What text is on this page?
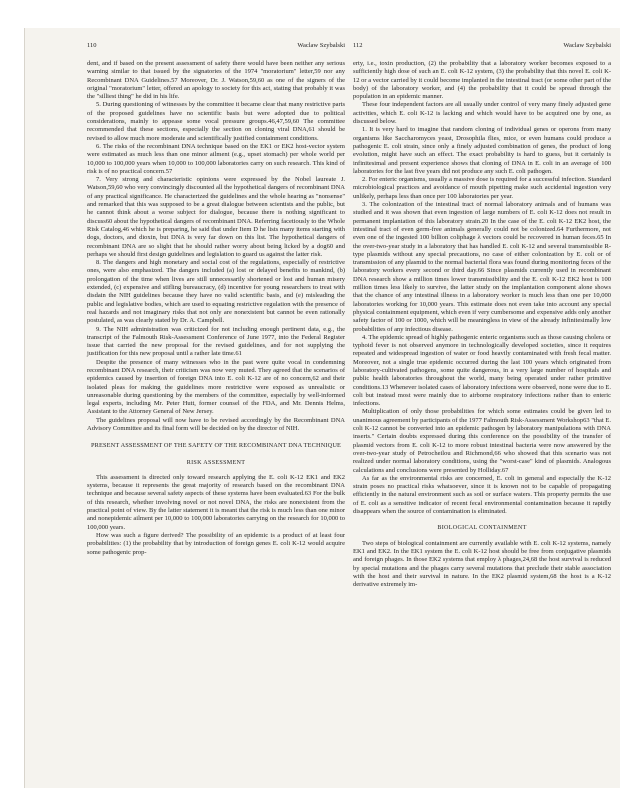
110	Waclaw Szybalski

dent, and if based on the present assessment of safety there would have been neither any serious warning similar to that issued by the signatories of the 1974 "moratorium" letter,59 nor any Recombinant DNA Guidelines.57 Moreover, Dr. J. Watson,59,60 as one of the signers of the original "moratorium" letter, offered an apology to society for this act, stating that probably it was the "silliest thing" he did in his life.

5. During questioning of witnesses by the committee it became clear that many restrictive parts of the proposed guidelines have no scientific basis but were adopted due to political considerations, mainly to appease some vocal pressure groups.46,47,59,60 The committee recommended that these sections, especially the section on cloning viral DNA,61 should be revised to allow much more moderate and scientifically justified containment conditions.

6. The risks of the recombinant DNA technique based on the EK1 or EK2 host-vector system were estimated as much less than one minor ailment (e.g., upset stomach) per whole world per 10,000 to 100,000 years when 10,000 to 100,000 laboratories carry on such research. This kind of risk is of no practical concern.57

7. Very strong and characteristic opinions were expressed by the Nobel laureate J. Watson,59,60 who very convincingly discounted all the hypothetical dangers of recombinant DNA of any practical significance. He characterized the guidelines and the whole hearing as "nonsense" and remarked that this was supposed to be a great dialogue between scientists and the public, but he cannot think about a worse subject for dialogue, because there is nothing significant to discuss60 about the hypothetical dangers of recombinant DNA. Referring facetiously to the Whole Risk Catalog,46 which he is preparing, he said that under Item D he lists many items starting with dogs, doctors, and dioxin, but DNA is very far down on this list. The hypothetical dangers of recombinant DNA are so slight that he should rather worry about being licked by a dog60 and perhaps we should first design guidelines and legislation to guard us against the latter risk.

8. The dangers and high monetary and social cost of the regulations, especially of restrictive ones, were also emphasized. The dangers included (a) lost or delayed benefits to mankind, (b) prolongation of the time when lives are still unnecessarily shortened or lost and human misery extended, (c) expensive and stifling bureaucracy, (d) incentive for young researchers to treat with disdain the NIH guidelines because they have no valid scientific basis, and (e) misleading the public and legislative bodies, which are used to equating restrictive regulation with the presence of real hazards and not imaginary risks that not only are nonexistent but cannot be even rationally postulated, as was clearly stated by Dr. A. Campbell.

9. The NIH administration was criticized for not including enough pertinent data, e.g., the transcript of the Falmouth Risk-Assessment Conference of June 1977, into the Federal Register issue that carried the new proposal for the revised guidelines, and for not supplying the justification for this new proposal until a rather late time.61

Despite the presence of many witnesses who in the past were quite vocal in condemning recombinant DNA research, their criticism was now very muted. They agreed that the scenarios of epidemics caused by insertion of foreign DNA into E. coli K-12 are of no concern,62 and their isolated pleas for making the guidelines more restrictive were exposed as unrealistic or unreasonable during questioning by the members of the committee, especially by well-informed legal experts, including Mr. Peter Hutt, former counsel of the FDA, and Mr. Dennis Helms, Assistant to the Attorney General of New Jersey.

The guidelines proposal will now have to be revised accordingly by the Recombinant DNA Advisory Committee and its final form will be decided on by the director of NIH.

PRESENT ASSESSMENT OF THE SAFETY OF THE RECOMBINANT DNA TECHNIQUE
RISK ASSESSMENT

This assessment is directed only toward research applying the E. coli K-12 EK1 and EK2 systems, because it represents the great majority of research based on the recombinant DNA technique and because several safety aspects of these systems have been evaluated.63 For the bulk of this research, whether involving novel or not novel DNA, the risks are nonexistent from the practical point of view. By the latter statement it is meant that the risk is much less than one minor and nonepidemic ailment per 10,000 to 100,000 laboratories carrying on the research for 10,000 to 100,000 years.

How was such a figure derived? The possibility of an epidemic is a product of at least four probabilities: (1) the probability that by introduction of foreign genes E. coli K-12 would acquire some pathogenic prop-

112	Waclaw Szybalski

erty, i.e., toxin production, (2) the probability that a laboratory worker becomes exposed to a sufficiently high dose of such an E. coli K-12 system, (3) the probability that this novel E. coli K-12 or a vector carried by it could become implanted in the intestinal tract (or some other part of the body) of the laboratory worker, and (4) the probability that it could be spread through the population in an epidemic manner.

These four independent factors are all usually under control of very many finely adjusted gene activities, which E. coli K-12 is lacking and which would have to be acquired one by one, as discussed below.

1. It is very hard to imagine that random cloning of individual genes or operons from many organisms like Saccharomyces yeast, Drosophila flies, mice, or even humans could produce a pathogenic E. coli strain, since only a finely adjusted combination of genes, the product of long evolution, might have such an effect. The exact probability is hard to guess, but it certainly is infinitesimal and present experience shows that cloning of DNA in E. coli in an average of 100 laboratories for the last five years did not produce any such E. coli pathogen.

2. For enteric organisms, usually a massive dose is required for a successful infection. Standard microbiological practices and avoidance of mouth pipetting make such accidental ingestion very unlikely, perhaps less than once per 100 laboratories per year.

3. The colonization of the intestinal tract of normal laboratory animals and of humans was studied and it was shown that even ingestion of large numbers of E. coli K-12 does not result in permanent implantation of this laboratory strain.20 In the case of the E. coli K-12 EK2 host, the intestinal tract of even germ-free animals generally could not be colonized.64 Furthermore, not even one of the ingested 100 billion coliphage λ vectors could be recovered in human feces.65 In the over-two-year study in a laboratory that has handled E. coli K-12 and several transmissible R-type plasmids without any special precautions, no case of either colonization by E. coli or of transmission of any plasmid to the normal bacterial flora was found during monitoring feces of the laboratory workers every second or third day.66 Since plasmids currently used in recombinant DNA research show a million times lower transmissibility and the E. coli K-12 EK2 host is 100 million times less likely to survive, the latter study on the implantation component alone shows that the chance of any intestinal illness in a laboratory worker is much less than one per 10,000 laboratories working for 10,000 years. This estimate does not even take into account any special physical containment equipment, which even if very cumbersome and expensive adds only another safety factor of 100 or 1000, which will be meaningless in view of the already infinitesimally low probabilities of any infectious disease.

4. The epidemic spread of highly pathogenic enteric organisms such as those causing cholera or typhoid fever is not observed anymore in technologically developed societies, since it requires repeated and widespread ingestion of water or food heavily contaminated with fresh fecal matter. Moreover, not a single true epidemic occurred during the last 100 years which originated from laboratory-cultivated pathogens, some quite dangerous, in a very large number of hospitals and public health laboratories throughout the world, many being operated under rather primitive conditions.13 Whenever isolated cases of laboratory infections were observed, none were due to E. coli but instead most were mainly due to airborne respiratory infections rather than to enteric infections.

Multiplication of only those probabilities for which some estimates could be given led to unanimous agreement by participants of the 1977 Falmouth Risk-Assessment Workshop63 "that E. coli K-12 cannot be converted into an epidemic pathogen by laboratory manipulations with DNA inserts." Certain doubts expressed during this conference on the possibility of the transfer of plasmid vectors from E. coli K-12 to more robust intestinal bacteria were now answered by the over-two-year study of Petrocheilou and Richmond,66 who showed that this scenario was not realized under normal laboratory conditions, using the "worst-case" kind of plasmids. Analogous calculations and conclusions were presented by Holliday.67

As far as the environmental risks are concerned, E. coli in general and especially the K-12 strain poses no practical risks whatsoever, since it is known not to be capable of propagating efficiently in the natural environment such as soil or surface waters. This property permits the use of E. coli as a sensitive indicator of recent fecal environmental contamination because it rapidly disappears when the source of contamination is eliminated.

BIOLOGICAL CONTAINMENT

Two steps of biological containment are currently available with E. coli K-12 systems, namely EK1 and EK2. In the EK1 system the E. coli K-12 host should be free from conjugative plasmids and foreign phages. In those EK2 systems that employ λ phages,24,68 the host survival is reduced by special mutations and the phages carry several mutations that preclude their stable association with the host and their survival in nature. In the EK2 plasmid system,68 the host is a K-12 derivative extremely im-
